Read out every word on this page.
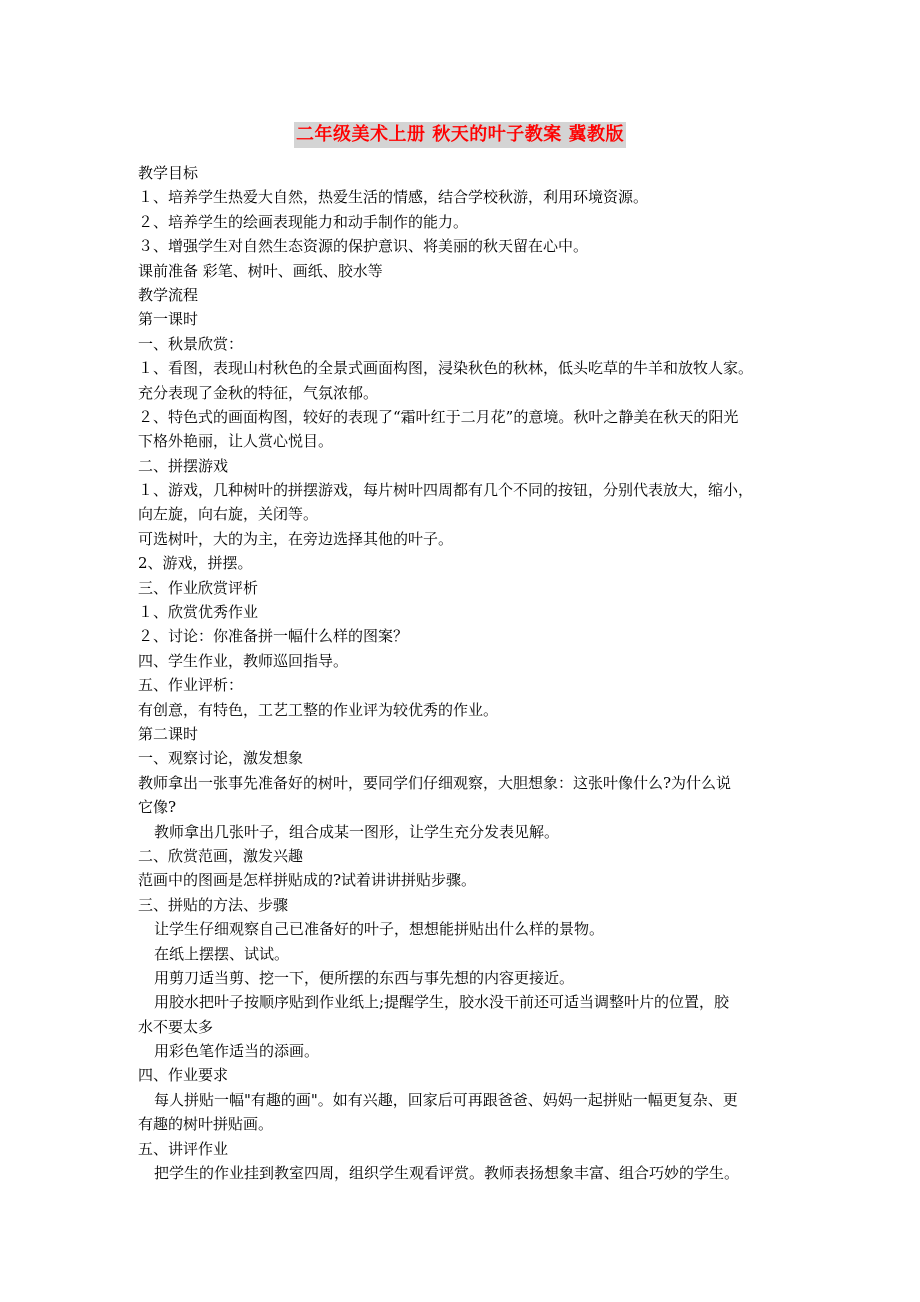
二年级美术上册 秋天的叶子教案 冀教版

教学目标

１、培养学生热爱大自然，热爱生活的情感，结合学校秋游，利用环境资源。

２、培养学生的绘画表现能力和动手制作的能力。

３、增强学生对自然生态资源的保护意识、将美丽的秋天留在心中。

课前准备 彩笔、树叶、画纸、胶水等

教学流程

第一课时

一、秋景欣赏：

１、看图，表现山村秋色的全景式画面构图，浸染秋色的秋林，低头吃草的牛羊和放牧人家。

充分表现了金秋的特征，气氛浓郁。

２、特色式的画面构图，较好的表现了“霜叶红于二月花”的意境。秋叶之静美在秋天的阳光

下格外艳丽，让人赏心悦目。

二、拼摆游戏

１、游戏，几种树叶的拼摆游戏，每片树叶四周都有几个不同的按钮，分别代表放大，缩小，

向左旋，向右旋，关闭等。

可选树叶，大的为主，在旁边选择其他的叶子。

2、游戏，拼摆。

三、作业欣赏评析

１、欣赏优秀作业

２、讨论：你准备拼一幅什么样的图案？

四、学生作业，教师巡回指导。

五、作业评析：

有创意，有特色，工艺工整的作业评为较优秀的作业。

第二课时

一、观察讨论，激发想象

教师拿出一张事先准备好的树叶，要同学们仔细观察，大胆想象：这张叶像什么?为什么说

它像?

教师拿出几张叶子，组合成某一图形，让学生充分发表见解。

二、欣赏范画，激发兴趣

范画中的图画是怎样拼贴成的?试着讲讲拼贴步骤。

三、拼贴的方法、步骤

让学生仔细观察自己已准备好的叶子，想想能拼贴出什么样的景物。

在纸上摆摆、试试。

用剪刀适当剪、挖一下，便所摆的东西与事先想的内容更接近。

用胶水把叶子按顺序贴到作业纸上;提醒学生，胶水没干前还可适当调整叶片的位置，胶

水不要太多

用彩色笔作适当的添画。

四、作业要求

每人拼贴一幅"有趣的画"。如有兴趣，回家后可再跟爸爸、妈妈一起拼贴一幅更复杂、更

有趣的树叶拼贴画。

五、讲评作业

把学生的作业挂到教室四周，组织学生观看评赏。教师表扬想象丰富、组合巧妙的学生。
